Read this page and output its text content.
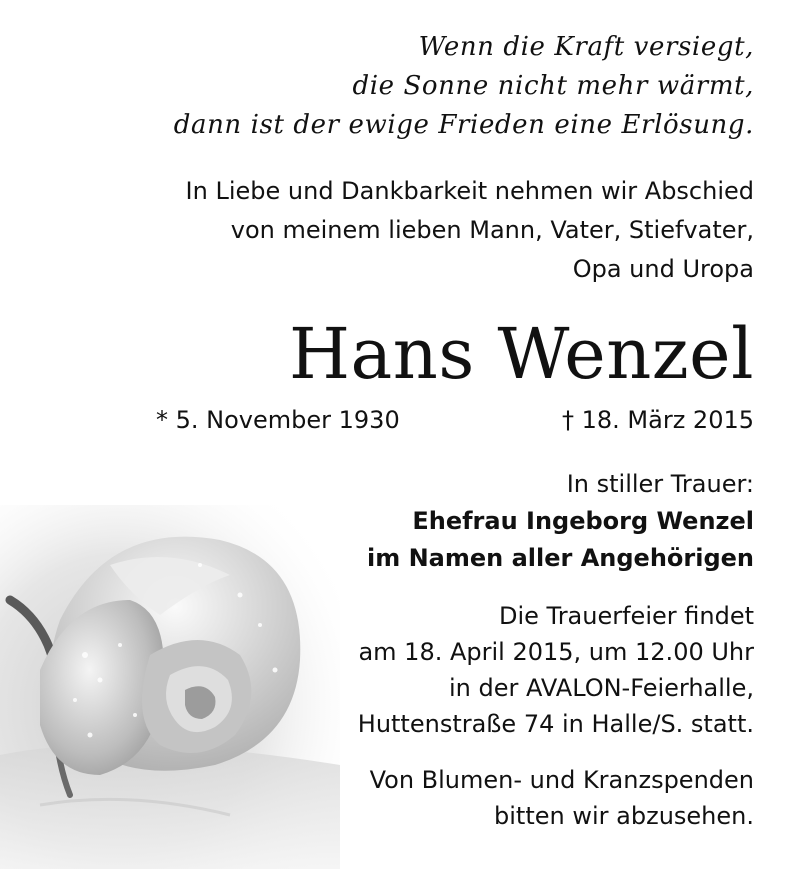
Wenn die Kraft versiegt,
die Sonne nicht mehr wärmt,
dann ist der ewige Frieden eine Erlösung.
In Liebe und Dankbarkeit nehmen wir Abschied
von meinem lieben Mann, Vater, Stiefvater,
Opa und Uropa
Hans Wenzel
* 5. November 1930	† 18. März 2015
In stiller Trauer:
Ehefrau Ingeborg Wenzel
im Namen aller Angehörigen
Die Trauerfeier findet
am 18. April 2015, um 12.00 Uhr
in der AVALON-Feierhalle,
Huttenstraße 74 in Halle/S. statt.
Von Blumen- und Kranzspenden
bitten wir abzusehen.
